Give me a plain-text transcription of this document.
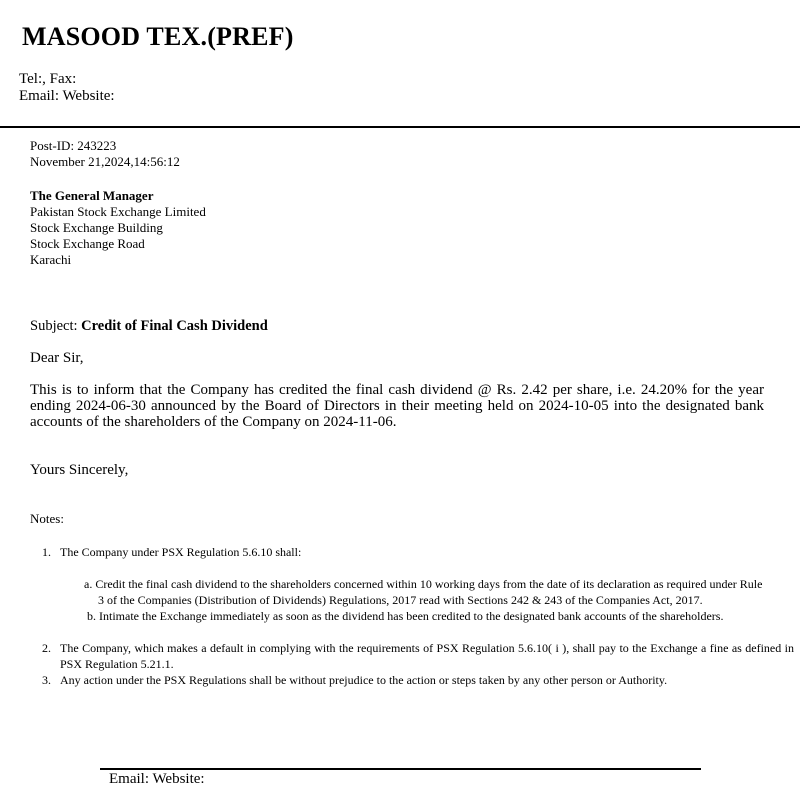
MASOOD TEX.(PREF)
Tel:, Fax:
Email: Website:
Post-ID: 243223
November 21,2024,14:56:12
The General Manager
Pakistan Stock Exchange Limited
Stock Exchange Building
Stock Exchange Road
Karachi
Subject: Credit of Final Cash Dividend
Dear Sir,
This is to inform that the Company has credited the final cash dividend @ Rs. 2.42 per share, i.e. 24.20% for the year ending 2024-06-30 announced by the Board of Directors in their meeting held on 2024-10-05 into the designated bank accounts of the shareholders of the Company on 2024-11-06.
Yours Sincerely,
Notes:
1. The Company under PSX Regulation 5.6.10 shall:
a. Credit the final cash dividend to the shareholders concerned within 10 working days from the date of its declaration as required under Rule 3 of the Companies (Distribution of Dividends) Regulations, 2017 read with Sections 242 & 243 of the Companies Act, 2017.
b. Intimate the Exchange immediately as soon as the dividend has been credited to the designated bank accounts of the shareholders.
2. The Company, which makes a default in complying with the requirements of PSX Regulation 5.6.10( i ), shall pay to the Exchange a fine as defined in PSX Regulation 5.21.1.
3. Any action under the PSX Regulations shall be without prejudice to the action or steps taken by any other person or Authority.
Email: Website:
